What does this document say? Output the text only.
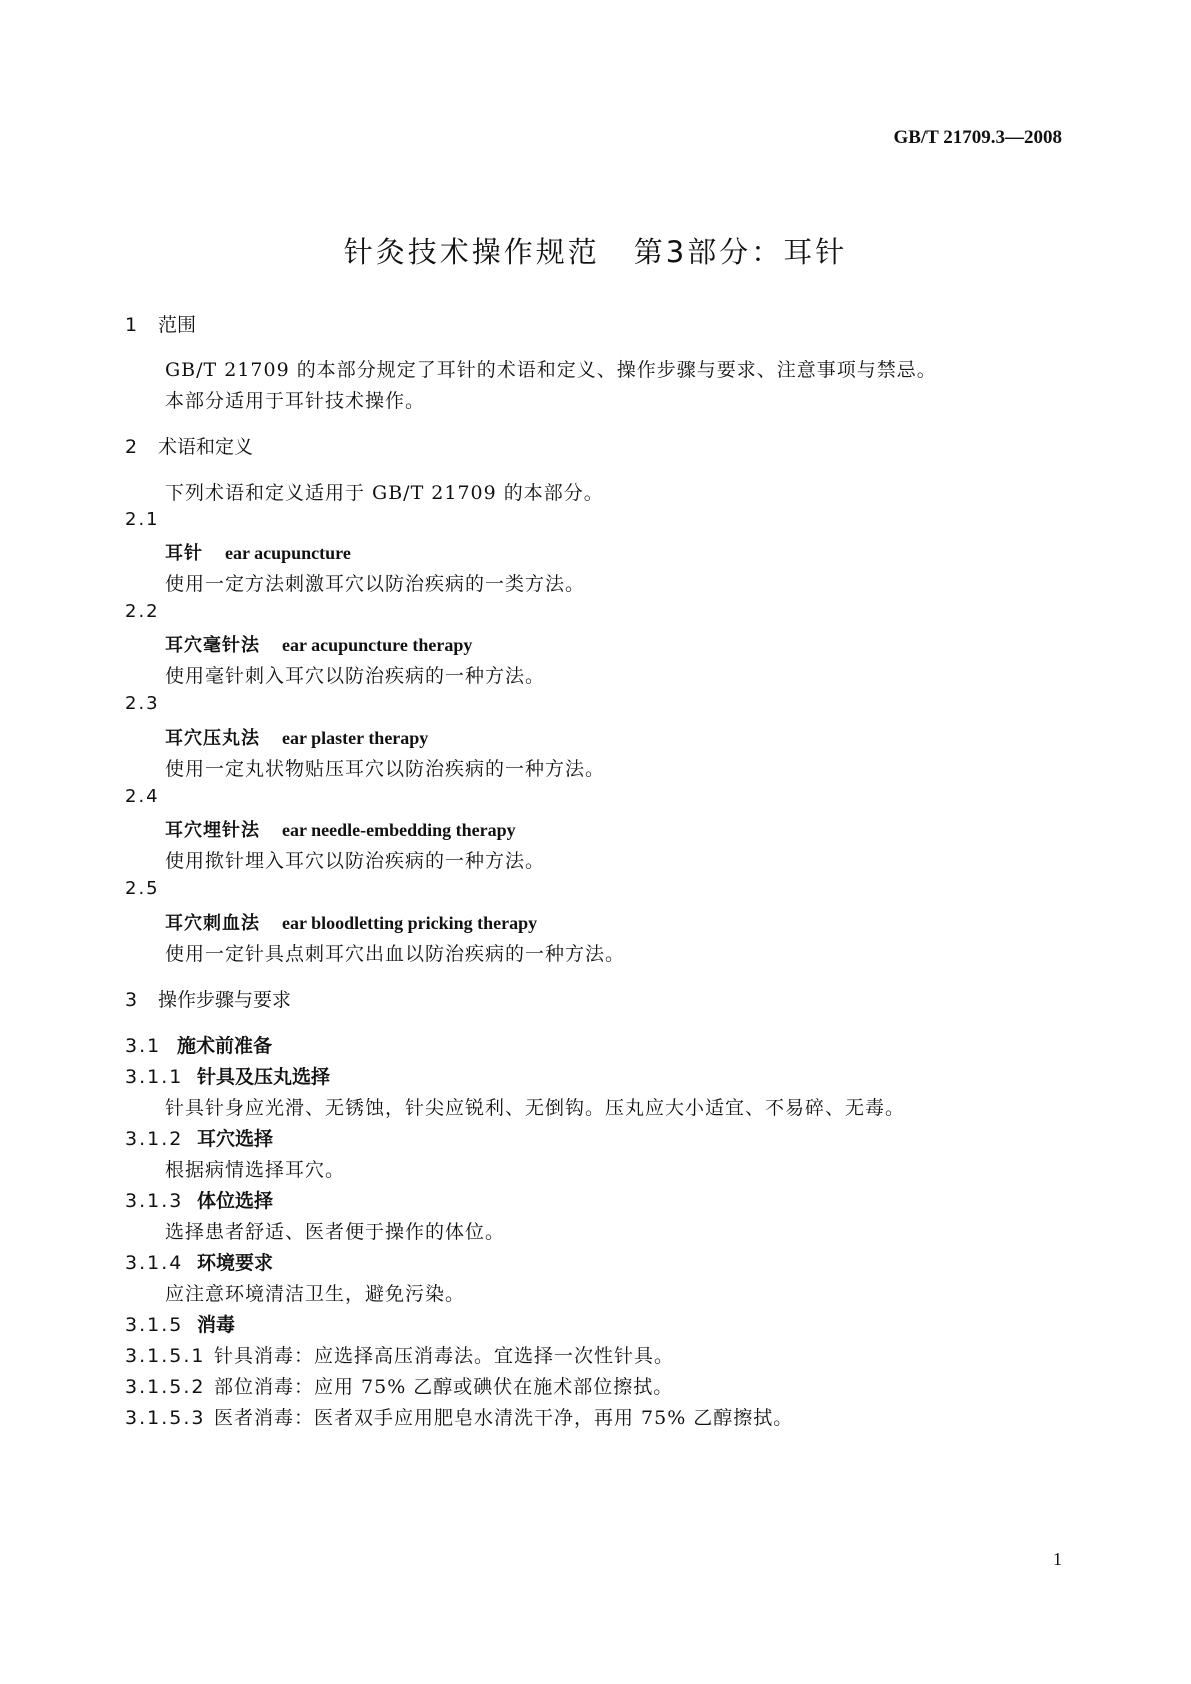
GB/T 21709.3—2008
针灸技术操作规范 第3部分：耳针
1 范围
GB/T 21709 的本部分规定了耳针的术语和定义、操作步骤与要求、注意事项与禁忌。
本部分适用于耳针技术操作。
2 术语和定义
下列术语和定义适用于 GB/T 21709 的本部分。
2.1
耳针 ear acupuncture
使用一定方法刺激耳穴以防治疾病的一类方法。
2.2
耳穴毫针法 ear acupuncture therapy
使用毫针刺入耳穴以防治疾病的一种方法。
2.3
耳穴压丸法 ear plaster therapy
使用一定丸状物贴压耳穴以防治疾病的一种方法。
2.4
耳穴埋针法 ear needle-embedding therapy
使用揿针埋入耳穴以防治疾病的一种方法。
2.5
耳穴刺血法 ear bloodletting pricking therapy
使用一定针具点刺耳穴出血以防治疾病的一种方法。
3 操作步骤与要求
3.1 施术前准备
3.1.1 针具及压丸选择
针具针身应光滑、无锈蚀，针尖应锐利、无倒钩。压丸应大小适宜、不易碎、无毒。
3.1.2 耳穴选择
根据病情选择耳穴。
3.1.3 体位选择
选择患者舒适、医者便于操作的体位。
3.1.4 环境要求
应注意环境清洁卫生，避免污染。
3.1.5 消毒
3.1.5.1 针具消毒：应选择高压消毒法。宜选择一次性针具。
3.1.5.2 部位消毒：应用 75% 乙醇或碘伏在施术部位擦拭。
3.1.5.3 医者消毒：医者双手应用肥皂水清洗干净，再用 75% 乙醇擦拭。
1
